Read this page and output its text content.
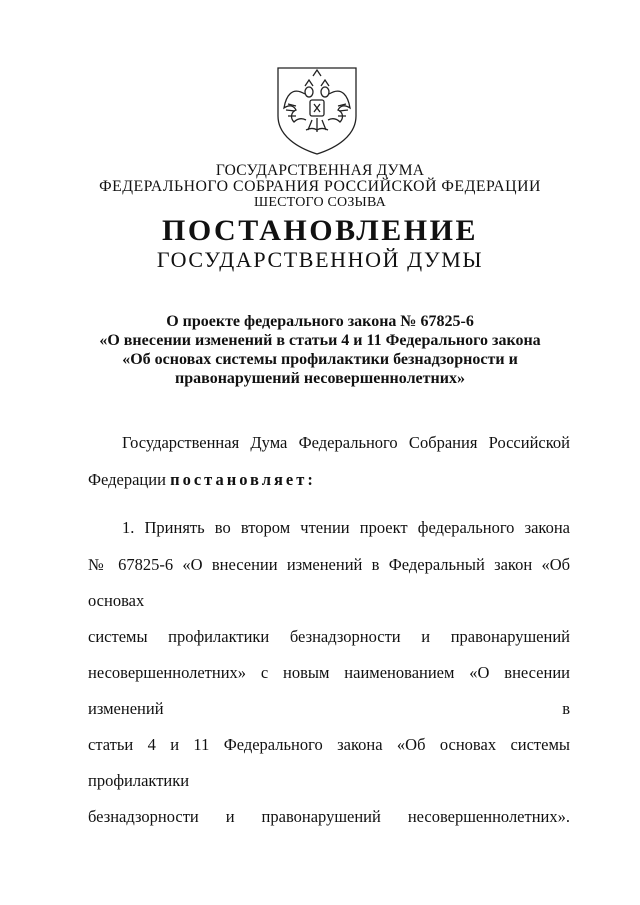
ГОСУДАРСТВЕННАЯ ДУМА
ФЕДЕРАЛЬНОГО СОБРАНИЯ РОССИЙСКОЙ ФЕДЕРАЦИИ
ШЕСТОГО СОЗЫВА
ПОСТАНОВЛЕНИЕ
ГОСУДАРСТВЕННОЙ ДУМЫ
О проекте федерального закона № 67825-6
«О внесении изменений в статьи 4 и 11 Федерального закона
«Об основах системы профилактики безнадзорности и
правонарушений несовершеннолетних»
Государственная Дума Федерального Собрания Российской
Федерации постановляет:
1. Принять во втором чтении проект федерального закона
№ 67825-6 «О внесении изменений в Федеральный закон «Об основах
системы профилактики безнадзорности и правонарушений
несовершеннолетних» с новым наименованием «О внесении изменений в
статьи 4 и 11 Федерального закона «Об основах системы профилактики
безнадзорности и правонарушений несовершеннолетних».
